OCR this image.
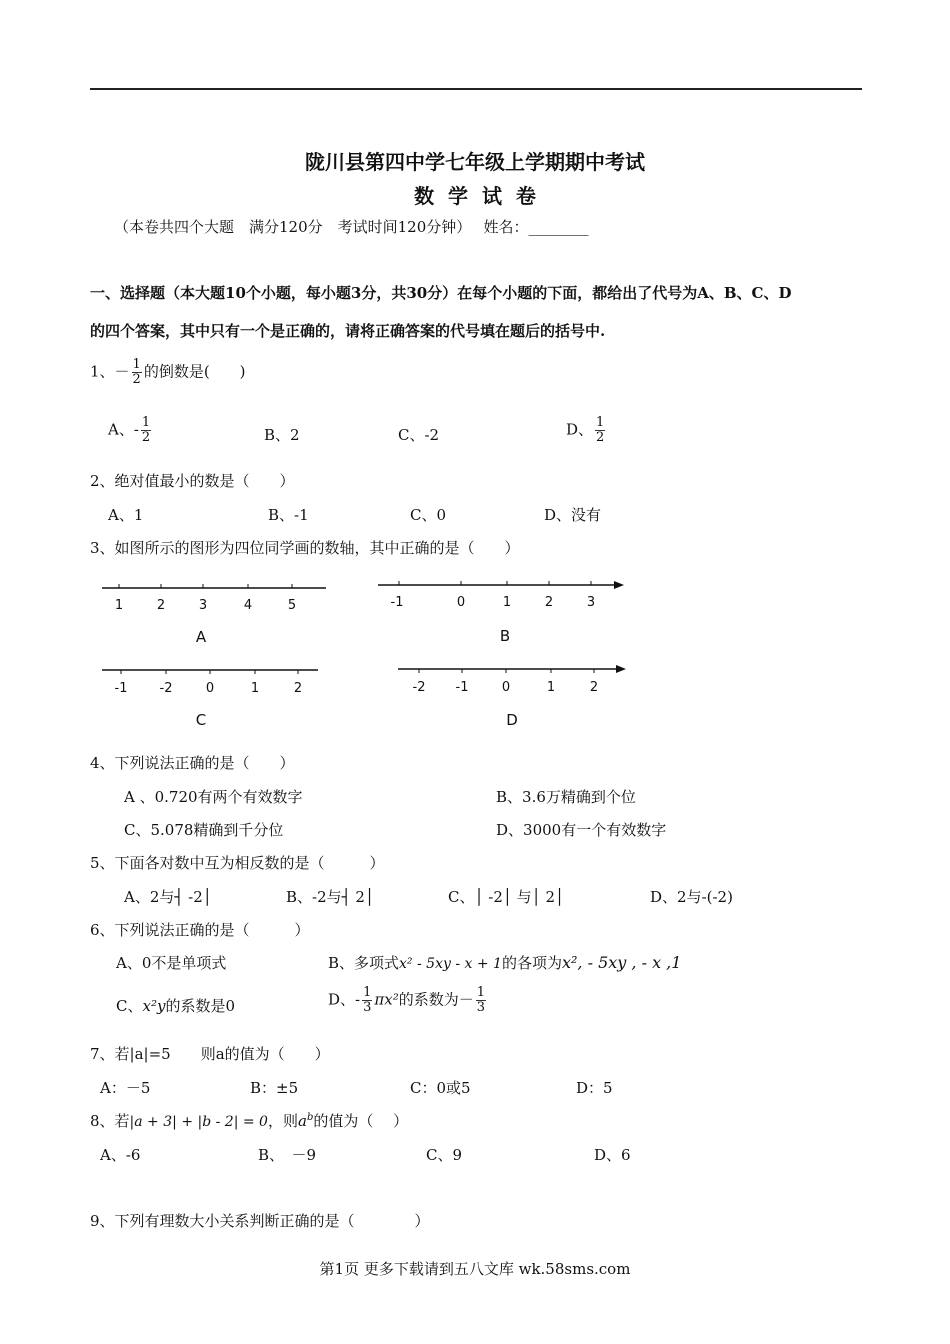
陇川县第四中学七年级上学期期中考试
数  学  试  卷
（本卷共四个大题　满分120分　考试时间120分钟）　 姓名：________
一、选择题（本大题10个小题，每小题3分，共30分）在每个小题的下面，都给出了代号为A、B、C、D
的四个答案，其中只有一个是正确的，请将正确答案的代号填在题后的括号中.
1、－ $\frac{1}{2}$ 的倒数是(　　)
A、- $\frac{1}{2}$	B、2	C、-2	D、 $\frac{1}{2}$
2、绝对值最小的数是（　　）
A、1	B、-1	C、0	D、没有
3、如图所示的图形为四位同学画的数轴，其中正确的是（　　）
1	2	3	4	5
A
-1	0	1	2	3
B
-1 -2	0	1	2
C
-2 -1	0	1	2
D
4、下列说法正确的是（　　）
A 、0.720有两个有效数字	B、3.6万精确到个位
C、5.078精确到千分位	D、3000有一个有效数字
5、下面各对数中互为相反数的是（　　　）
A、2与┤ -2│	B、-2与┤ 2│	C、│ -2│ 与│ 2│	D、2与-(-2)
6、下列说法正确的是（　　　）
A、0不是单项式	B、多项式x² - 5xy - x + 1的各项为x², - 5xy , - x ,1
C、x²y的系数是0	D、- $\frac{1}{3} \pi x^2$的系数为－ $\frac{1}{3}$
7、若|a|=5　　则a的值为（　　）
A：－5	B：±5	C：0或5	D：5
8、若|a + 3| + |b - 2| = 0，则$a^b$的值为（　 ）
A、-6	B、　－9	C、9	D、6
9、下列有理数大小关系判断正确的是（　　　　）
第1页 更多下载请到五八文库 wk.58sms.com
